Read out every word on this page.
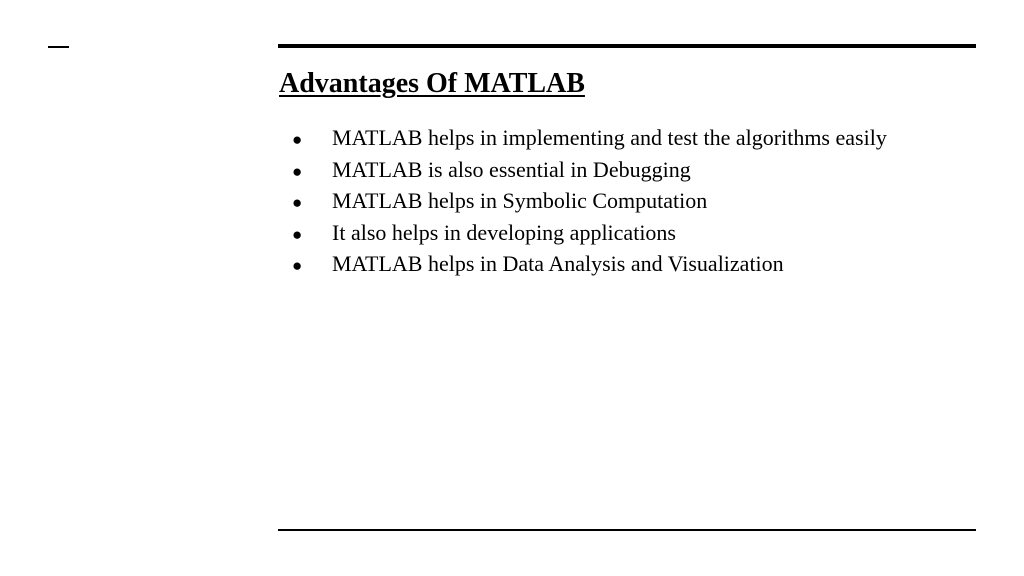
Advantages Of MATLAB
●	MATLAB helps in implementing and test the algorithms easily
●	MATLAB is also essential in Debugging
●	MATLAB helps in Symbolic Computation
●	It also helps in developing applications
●	MATLAB helps in Data Analysis and Visualization
